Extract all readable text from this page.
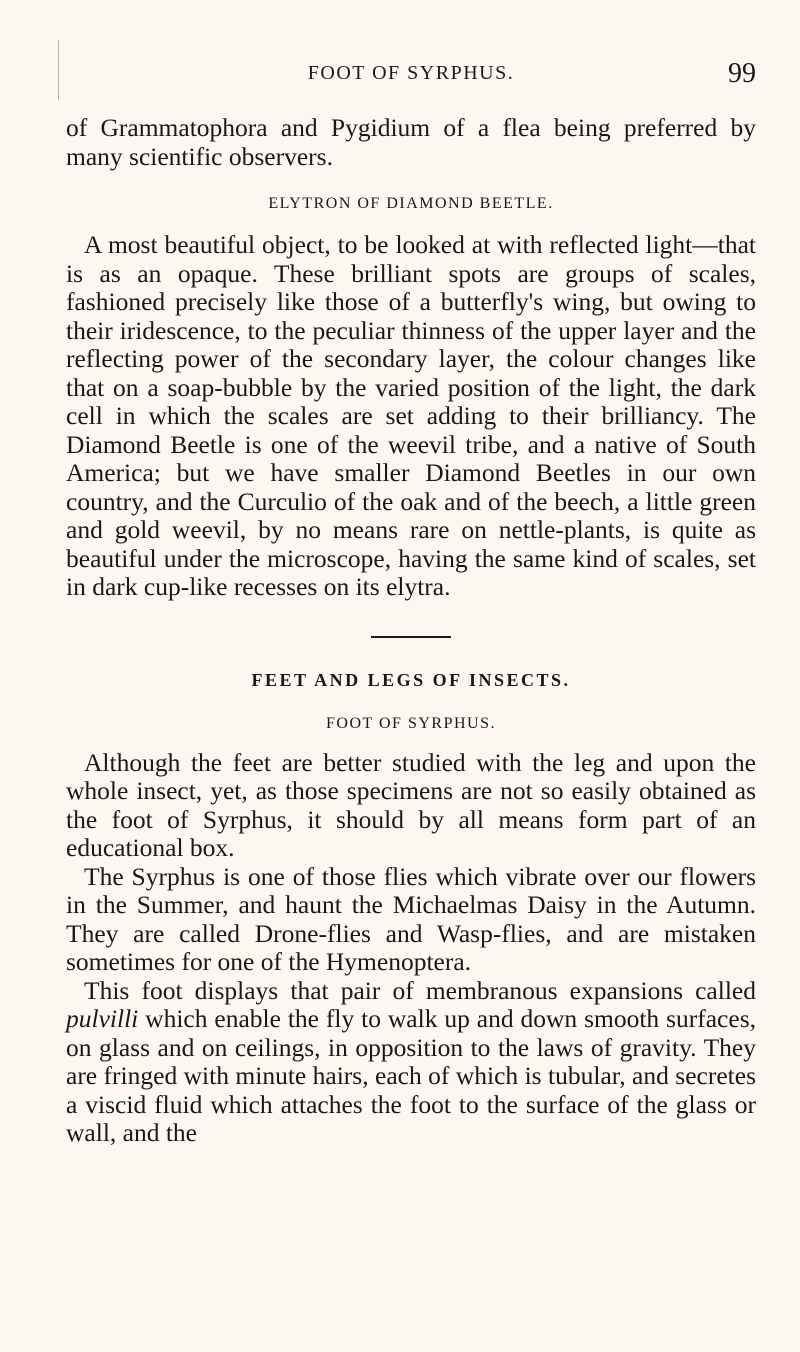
FOOT OF SYRPHUS.	99

of Grammatophora and Pygidium of a flea being preferred by many scientific observers.

ELYTRON OF DIAMOND BEETLE.

A most beautiful object, to be looked at with reflected light—that is as an opaque. These brilliant spots are groups of scales, fashioned precisely like those of a butterfly's wing, but owing to their iridescence, to the peculiar thinness of the upper layer and the reflecting power of the secondary layer, the colour changes like that on a soap-bubble by the varied position of the light, the dark cell in which the scales are set adding to their brilliancy. The Diamond Beetle is one of the weevil tribe, and a native of South America; but we have smaller Diamond Beetles in our own country, and the Curculio of the oak and of the beech, a little green and gold weevil, by no means rare on nettle-plants, is quite as beautiful under the microscope, having the same kind of scales, set in dark cup-like recesses on its elytra.

FEET AND LEGS OF INSECTS.
FOOT OF SYRPHUS.

Although the feet are better studied with the leg and upon the whole insect, yet, as those specimens are not so easily obtained as the foot of Syrphus, it should by all means form part of an educational box.

The Syrphus is one of those flies which vibrate over our flowers in the Summer, and haunt the Michaelmas Daisy in the Autumn. They are called Drone-flies and Wasp-flies, and are mistaken sometimes for one of the Hymenoptera.

This foot displays that pair of membranous expansions called pulvilli which enable the fly to walk up and down smooth surfaces, on glass and on ceilings, in opposition to the laws of gravity. They are fringed with minute hairs, each of which is tubular, and secretes a viscid fluid which attaches the foot to the surface of the glass or wall, and the
